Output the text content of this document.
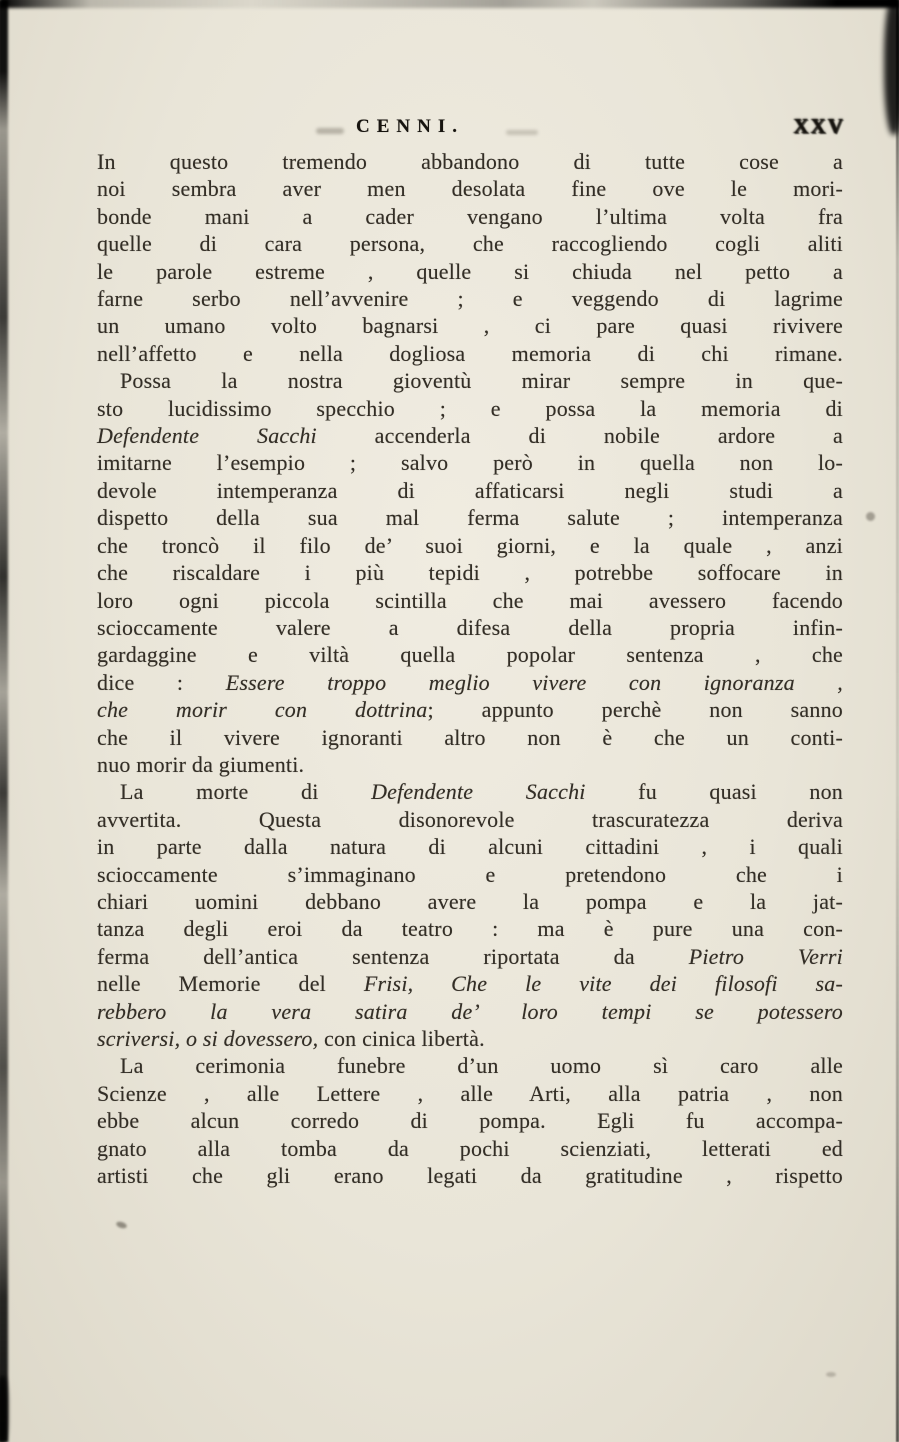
CENNI.	XXV
In questo tremendo abbandono di tutte cose a
noi sembra aver men desolata fine ove le mori-
bonde mani a cader vengano l’ultima volta fra
quelle di cara persona, che raccogliendo cogli aliti
le parole estreme , quelle si chiuda nel petto a
farne serbo nell’avvenire ; e veggendo di lagrime
un umano volto bagnarsi , ci pare quasi rivivere
nell’affetto e nella dogliosa memoria di chi rimane.
Possa la nostra gioventù mirar sempre in que-
sto lucidissimo specchio ; e possa la memoria di
Defendente Sacchi accenderla di nobile ardore a
imitarne l’esempio ; salvo però in quella non lo-
devole intemperanza di affaticarsi negli studi a
dispetto della sua mal ferma salute ; intemperanza
che troncò il filo de’ suoi giorni, e la quale , anzi
che riscaldare i più tepidi , potrebbe soffocare in
loro ogni piccola scintilla che mai avessero facendo
scioccamente valere a difesa della propria infin-
gardaggine e viltà quella popolar sentenza , che
dice : Essere troppo meglio vivere con ignoranza ,
che morir con dottrina; appunto perchè non sanno
che il vivere ignoranti altro non è che un conti-
nuo morir da giumenti.
La morte di Defendente Sacchi fu quasi non
avvertita. Questa disonorevole trascuratezza deriva
in parte dalla natura di alcuni cittadini , i quali
scioccamente s’immaginano e pretendono che i
chiari uomini debbano avere la pompa e la jat-
tanza degli eroi da teatro : ma è pure una con-
ferma dell’antica sentenza riportata da Pietro Verri
nelle Memorie del Frisi, Che le vite dei filosofi sa-
rebbero la vera satira de’ loro tempi se potessero
scriversi, o si dovessero, con cinica libertà.
La cerimonia funebre d’un uomo sì caro alle
Scienze , alle Lettere , alle Arti, alla patria , non
ebbe alcun corredo di pompa. Egli fu accompa-
gnato alla tomba da pochi scienziati, letterati ed
artisti che gli erano legati da gratitudine , rispetto
